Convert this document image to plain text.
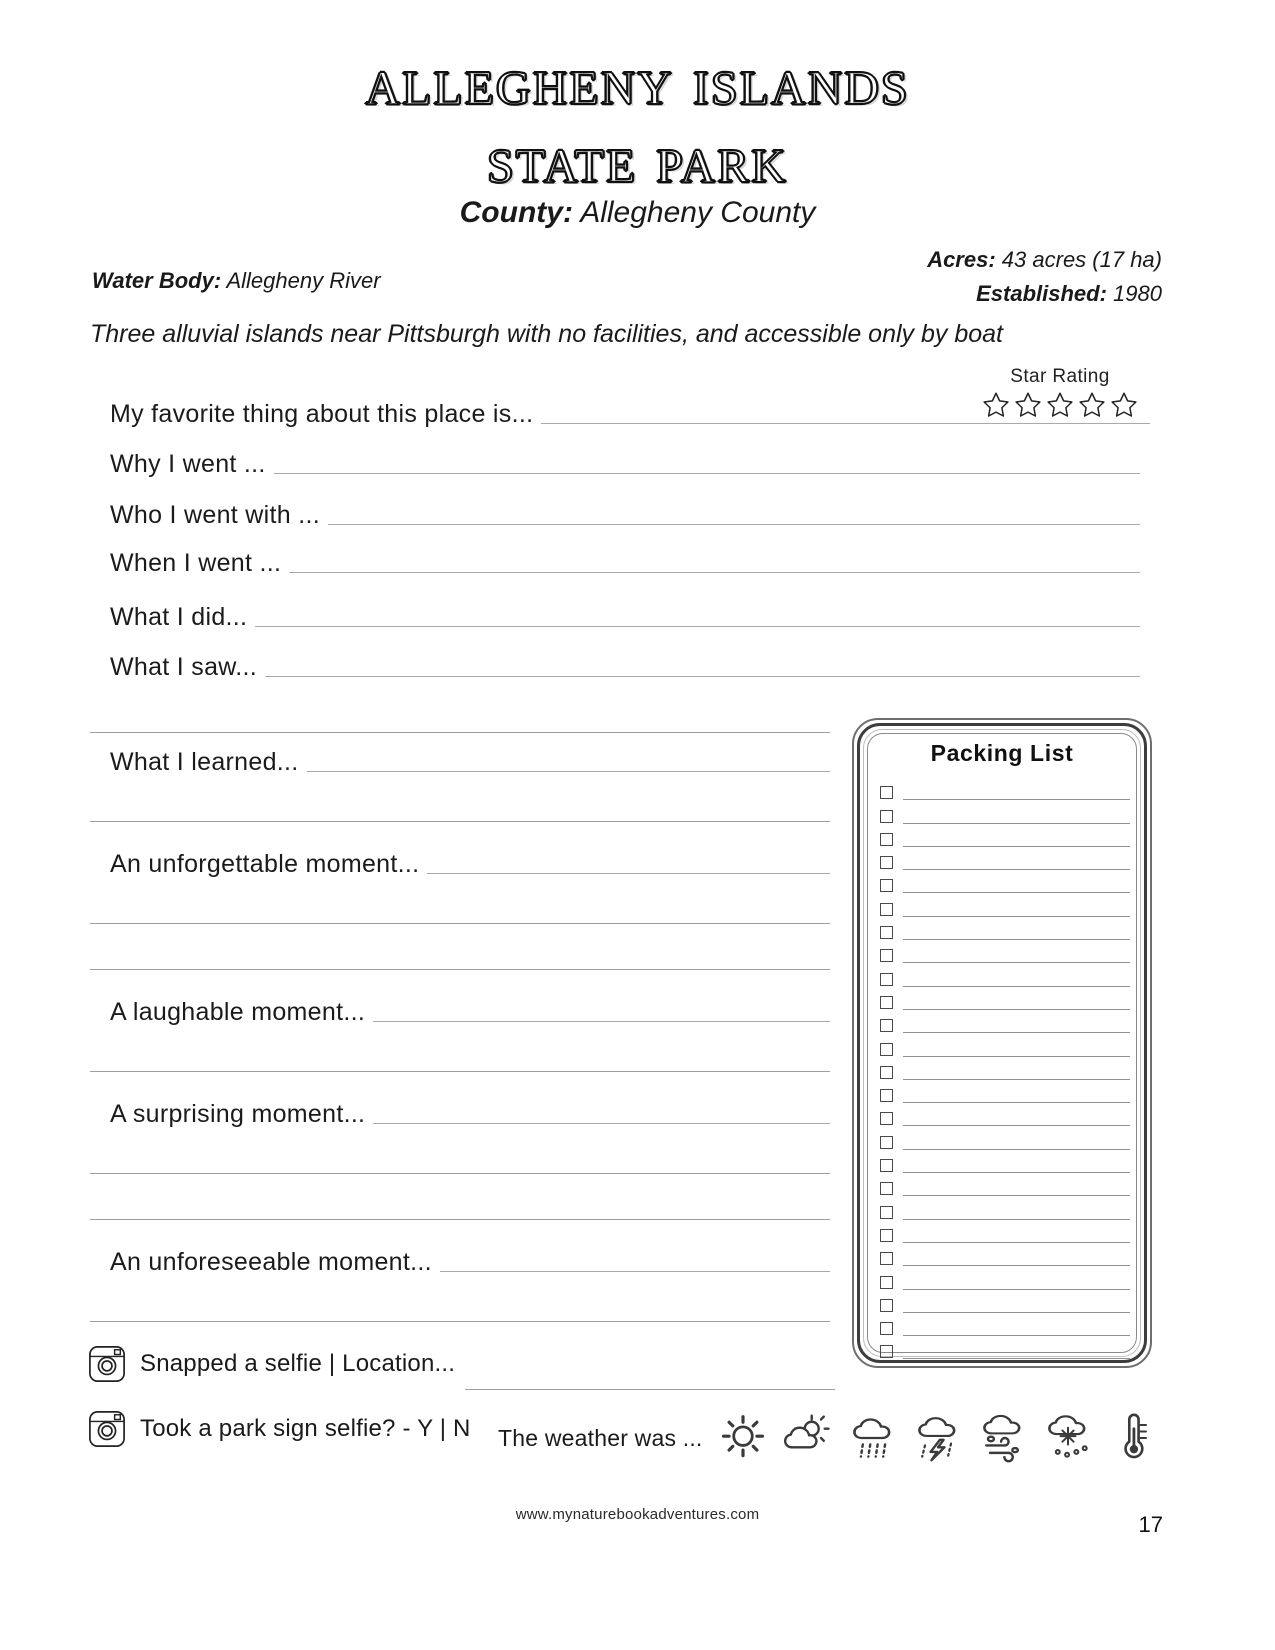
allegheny islands
state park
County: Allegheny County
Acres: 43 acres (17 ha)
Established: 1980
Water Body: Allegheny River
Three alluvial islands near Pittsburgh with no facilities, and accessible only by boat
Star Rating
My favorite thing about this place is...
Why I went ...
Who I went with ...
When I went ...
What I did...
What I saw...
What I learned...
An unforgettable moment...
A laughable moment...
A surprising moment...
An unforeseeable moment...
Packing List
Snapped a selfie | Location...
Took a park sign selfie? - Y | N The weather was ...
www.mynaturebookadventures.com	17
